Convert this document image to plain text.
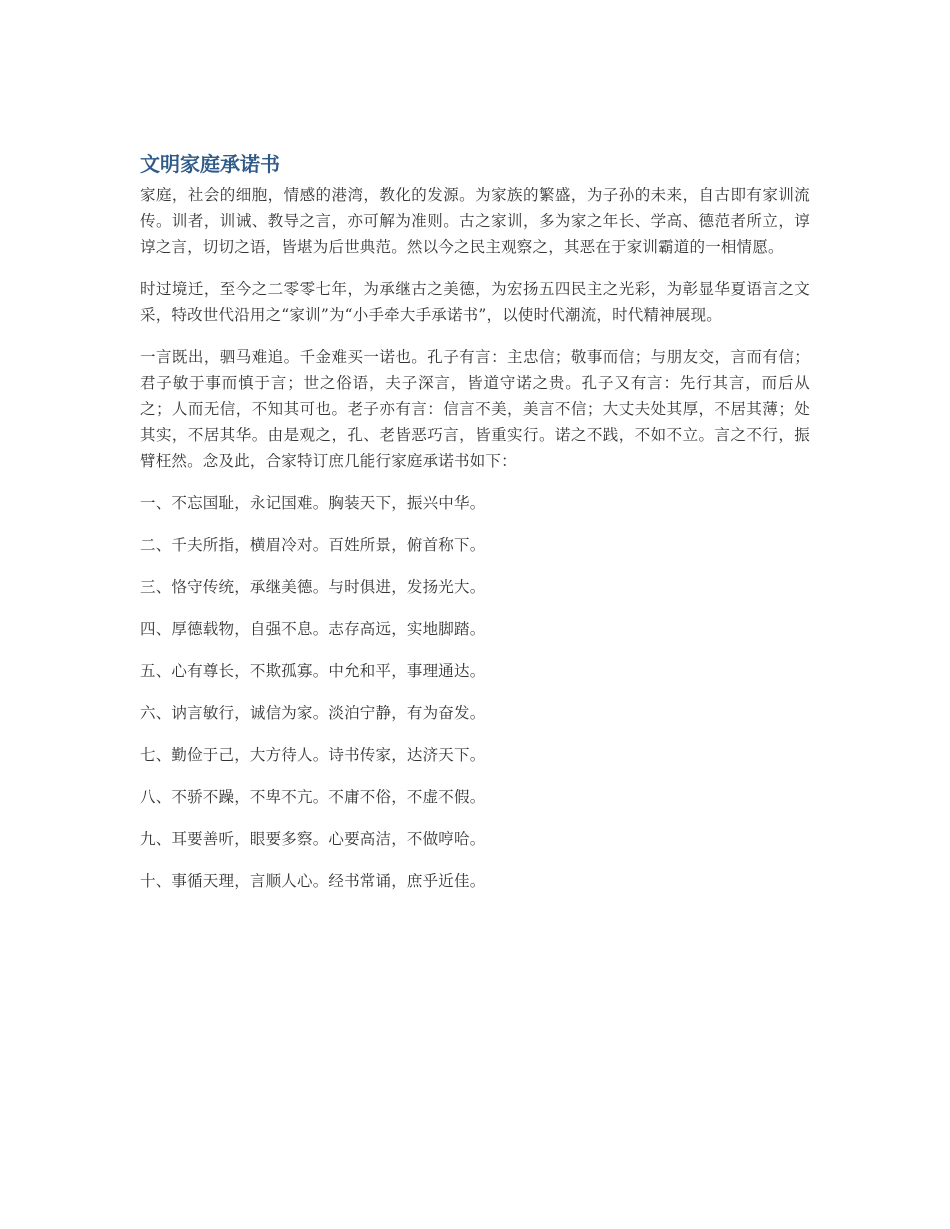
文明家庭承诺书

家庭，社会的细胞，情感的港湾，教化的发源。为家族的繁盛，为子孙的未来，自古即有家训流传。训者，训诫、教导之言，亦可解为准则。古之家训，多为家之年长、学高、德范者所立，谆谆之言，切切之语，皆堪为后世典范。然以今之民主观察之，其恶在于家训霸道的一相情愿。

时过境迁，至今之二零零七年，为承继古之美德，为宏扬五四民主之光彩，为彰显华夏语言之文采，特改世代沿用之“家训”为“小手牵大手承诺书”，以使时代潮流，时代精神展现。

一言既出，驷马难追。千金难买一诺也。孔子有言：主忠信；敬事而信；与朋友交，言而有信；君子敏于事而慎于言；世之俗语，夫子深言，皆道守诺之贵。孔子又有言：先行其言，而后从之；人而无信，不知其可也。老子亦有言：信言不美，美言不信；大丈夫处其厚，不居其薄；处其实，不居其华。由是观之，孔、老皆恶巧言，皆重实行。诺之不践，不如不立。言之不行，振臂枉然。念及此，合家特订庶几能行家庭承诺书如下：

一、不忘国耻，永记国难。胸装天下，振兴中华。
二、千夫所指，横眉冷对。百姓所景，俯首称下。
三、恪守传统，承继美德。与时俱进，发扬光大。
四、厚德载物，自强不息。志存高远，实地脚踏。
五、心有尊长，不欺孤寡。中允和平，事理通达。
六、讷言敏行，诚信为家。淡泊宁静，有为奋发。
七、勤俭于己，大方待人。诗书传家，达济天下。
八、不骄不躁，不卑不亢。不庸不俗，不虚不假。
九、耳要善听，眼要多察。心要高洁，不做哼哈。
十、事循天理，言顺人心。经书常诵，庶乎近佳。
